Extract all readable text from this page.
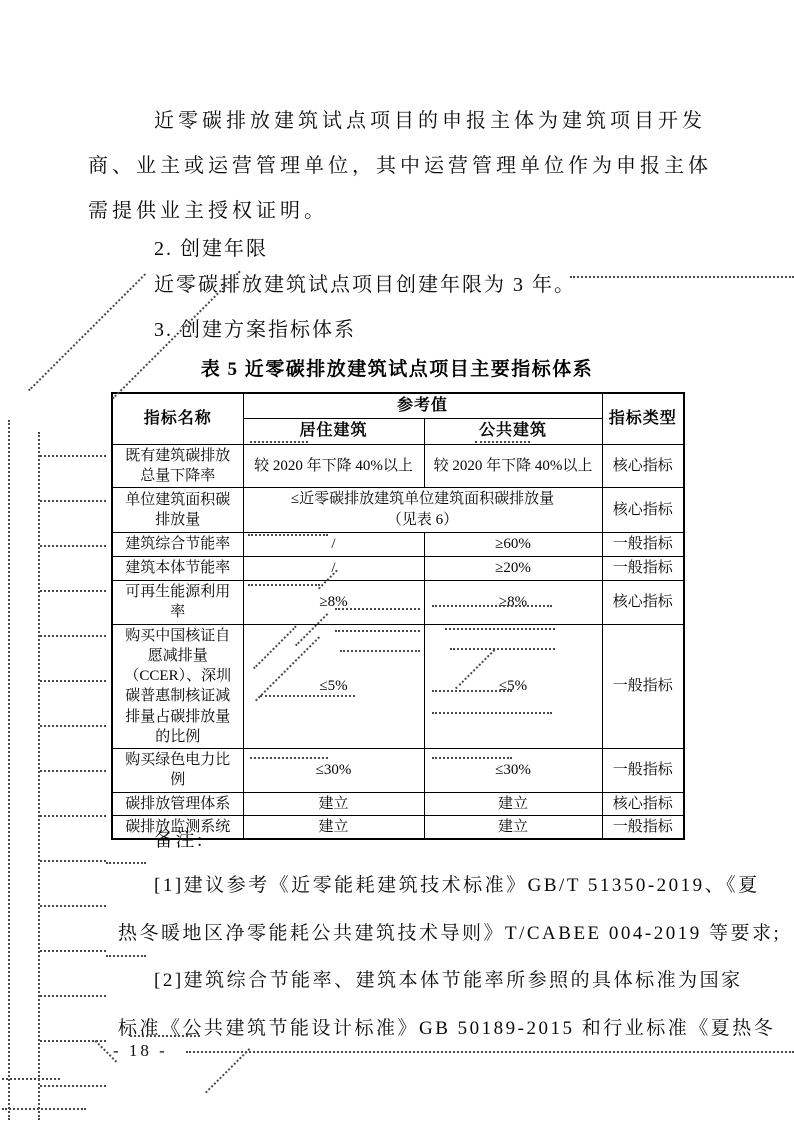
近零碳排放建筑试点项目的申报主体为建筑项目开发
商、业主或运营管理单位，其中运营管理单位作为申报主体
需提供业主授权证明。
2. 创建年限
近零碳排放建筑试点项目创建年限为 3 年。
3. 创建方案指标体系
表 5 近零碳排放建筑试点项目主要指标体系
指标名称	参考值		指标类型
	居住建筑	公共建筑	
既有建筑碳排放总量下降率	较 2020 年下降 40%以上	较 2020 年下降 40%以上	核心指标
单位建筑面积碳排放量	≤近零碳排放建筑单位建筑面积碳排放量
（见表 6）		核心指标
建筑综合节能率	/	≥60%	一般指标
建筑本体节能率	/	≥20%	一般指标
可再生能源利用率	≥8%	≥8%	核心指标
购买中国核证自愿减排量（CCER）、深圳碳普惠制核证减排量占碳排放量的比例	≤5%	≤5%	一般指标
购买绿色电力比例	≤30%	≤30%	一般指标
碳排放管理体系	建立	建立	核心指标
碳排放监测系统	建立	建立	一般指标
备注:
[1]建议参考《近零能耗建筑技术标准》GB/T 51350-2019、《夏
热冬暖地区净零能耗公共建筑技术导则》T/CABEE 004-2019 等要求;
[2]建筑综合节能率、建筑本体节能率所参照的具体标准为国家
标准《公共建筑节能设计标准》GB 50189-2015 和行业标准《夏热冬
- 18 -
